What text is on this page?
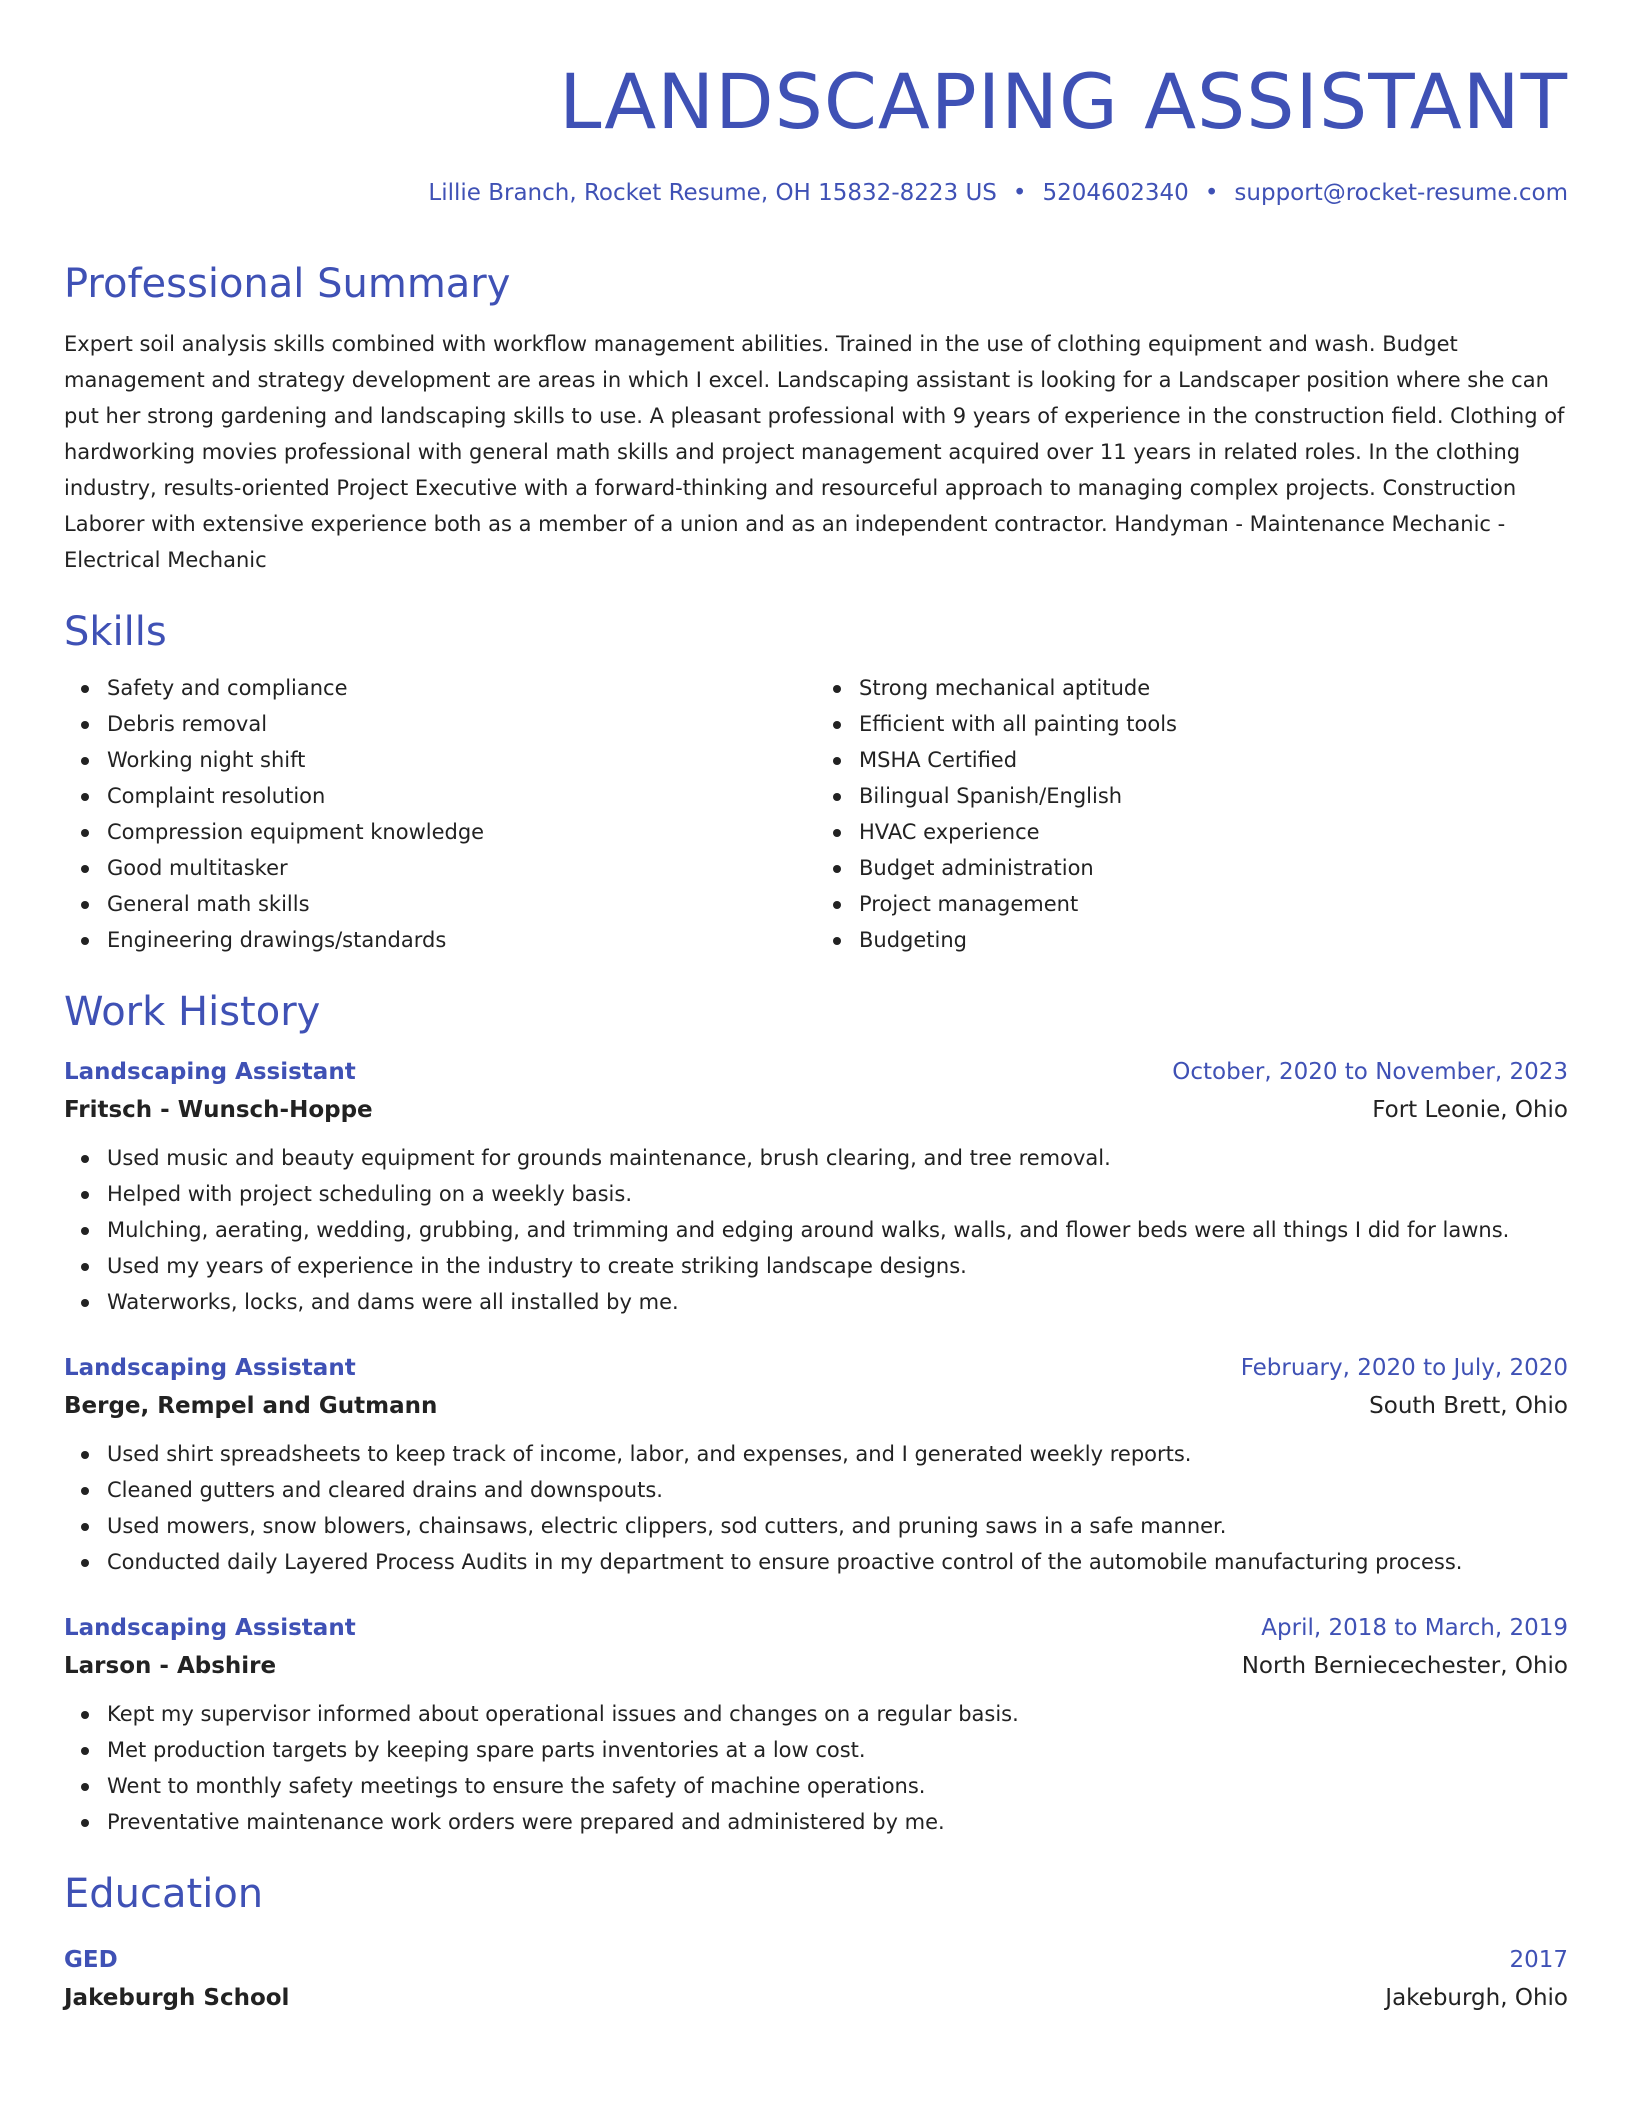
LANDSCAPING ASSISTANT
Lillie Branch, Rocket Resume, OH 15832-8223 US • 5204602340 • support@rocket-resume.com
Professional Summary
Expert soil analysis skills combined with workflow management abilities. Trained in the use of clothing equipment and wash. Budget management and strategy development are areas in which I excel. Landscaping assistant is looking for a Landscaper position where she can put her strong gardening and landscaping skills to use. A pleasant professional with 9 years of experience in the construction field. Clothing of hardworking movies professional with general math skills and project management acquired over 11 years in related roles. In the clothing industry, results-oriented Project Executive with a forward-thinking and resourceful approach to managing complex projects. Construction Laborer with extensive experience both as a member of a union and as an independent contractor. Handyman - Maintenance Mechanic - Electrical Mechanic
Skills
Safety and compliance
Debris removal
Working night shift
Complaint resolution
Compression equipment knowledge
Good multitasker
General math skills
Engineering drawings/standards
Strong mechanical aptitude
Efficient with all painting tools
MSHA Certified
Bilingual Spanish/English
HVAC experience
Budget administration
Project management
Budgeting
Work History
Landscaping Assistant	October, 2020 to November, 2023
Fritsch - Wunsch-Hoppe	Fort Leonie, Ohio
Used music and beauty equipment for grounds maintenance, brush clearing, and tree removal.
Helped with project scheduling on a weekly basis.
Mulching, aerating, wedding, grubbing, and trimming and edging around walks, walls, and flower beds were all things I did for lawns.
Used my years of experience in the industry to create striking landscape designs.
Waterworks, locks, and dams were all installed by me.
Landscaping Assistant	February, 2020 to July, 2020
Berge, Rempel and Gutmann	South Brett, Ohio
Used shirt spreadsheets to keep track of income, labor, and expenses, and I generated weekly reports.
Cleaned gutters and cleared drains and downspouts.
Used mowers, snow blowers, chainsaws, electric clippers, sod cutters, and pruning saws in a safe manner.
Conducted daily Layered Process Audits in my department to ensure proactive control of the automobile manufacturing process.
Landscaping Assistant	April, 2018 to March, 2019
Larson - Abshire	North Berniecechester, Ohio
Kept my supervisor informed about operational issues and changes on a regular basis.
Met production targets by keeping spare parts inventories at a low cost.
Went to monthly safety meetings to ensure the safety of machine operations.
Preventative maintenance work orders were prepared and administered by me.
Education
GED	2017
Jakeburgh School	Jakeburgh, Ohio
